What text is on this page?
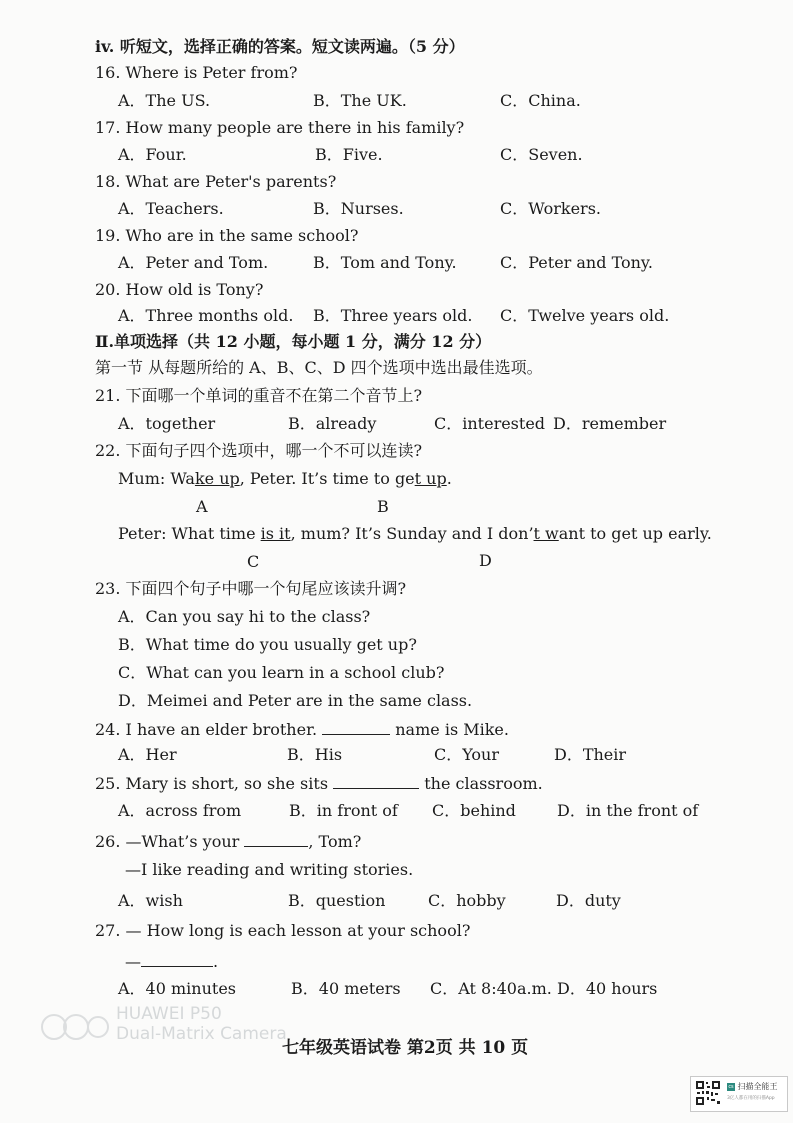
iv. 听短文，选择正确的答案。短文读两遍。（5 分）
16. Where is Peter from?
A．The US.	B．The UK.	C．China.
17. How many people are there in his family?
A．Four.	B．Five.	C．Seven.
18. What are Peter's parents?
A．Teachers.	B．Nurses.	C．Workers.
19. Who are in the same school?
A．Peter and Tom.	B．Tom and Tony.	C．Peter and Tony.
20. How old is Tony?
A．Three months old. B．Three years old. C．Twelve years old.
Ⅱ.单项选择（共 12 小题，每小题 1 分，满分 12 分）
第一节 从每题所给的 A、B、C、D 四个选项中选出最佳选项。
21. 下面哪一个单词的重音不在第二个音节上?
A．together	B．already	C．interested D．remember
22. 下面句子四个选项中，哪一个不可以连读?
Mum: Wake up, Peter. It’s time to get up.
A	B
Peter: What time is it, mum? It’s Sunday and I don’t want to get up early.
C	D
23. 下面四个句子中哪一个句尾应该读升调?
A．Can you say hi to the class?
B．What time do you usually get up?
C．What can you learn in a school club?
D．Meimei and Peter are in the same class.
24. I have an elder brother.	name is Mike.
A．Her	B．His	C．Your	D．Their
25. Mary is short, so she sits	the classroom.
A．across from	B．in front of C．behind	D．in the front of
26. —What’s your	, Tom?
—I like reading and writing stories.
A．wish	B．question	C．hobby	D．duty
27. — How long is each lesson at your school?
—	.
A．40 minutes	B．40 meters C．At 8:40a.m. D．40 hours
HUAWEI P50
Dual-Matrix Camera
七年级英语试卷 第2页 共 10 页
cs 扫描全能王
3亿人都在用的扫描App
